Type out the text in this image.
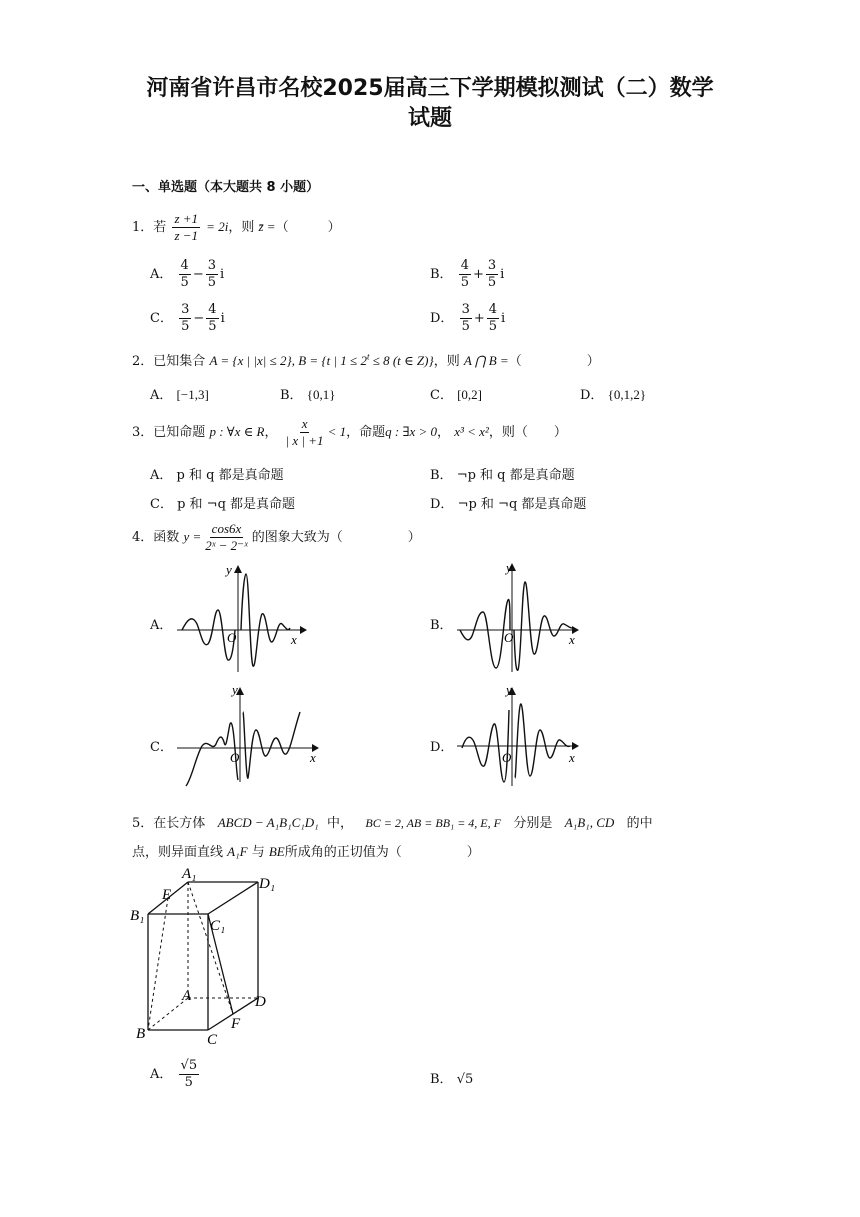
河南省许昌市名校2025届高三下学期模拟测试（二）数学
试题
一、单选题（本大题共 8 小题）
1．若 $\frac{z +1}{z -1} = 2i$，则 z̄ =（　　　）
A． $\frac{4}{5} - \frac{3}{5}$ i	B． $\frac{4}{5} + \frac{3}{5}$ i
C． $\frac{3}{5} - \frac{4}{5}$ i	D． $\frac{3}{5} + \frac{4}{5}$ i
2．已知集合 A = {x | |x| ≤ 2}, B = {t | $1 \le 2^t \le 8$ (t ∈ Z)}，则 A ⋂ B =（　　　　　）
A． [−1,3]	B． {0,1}	C． [0,2]	D． {0,1,2}
3．已知命题 p : ∀x ∈ R， $\frac{x}{| x | +1} < 1$，命题q : ∃x > 0， x³ < x²，则（　　）
A． p 和 q 都是真命题	B． ¬p 和 q 都是真命题
C． p 和 ¬q 都是真命题	D． ¬p 和 ¬q 都是真命题
4．函数 $y = \frac{\cos 6x}{\text{2ˣ − 2⁻ˣ}}$ 的图象大致为（　　　　　）
A．
y
x
O
B．
y
x
O
C．
y
x
O
D．
y
x
O
5．在长方体 ABCD − A₁B₁C₁D₁ 中， BC = 2, AB = BB₁ = 4, E, F 分别是 A₁B₁, CD 的中
点，则异面直线 A₁F 与 BE所成角的正切值为（　　　　　）
A₁
D₁
E
B₁
C₁
A	D
B
F
C
A． $\frac{√5}{5}$	B． √5
